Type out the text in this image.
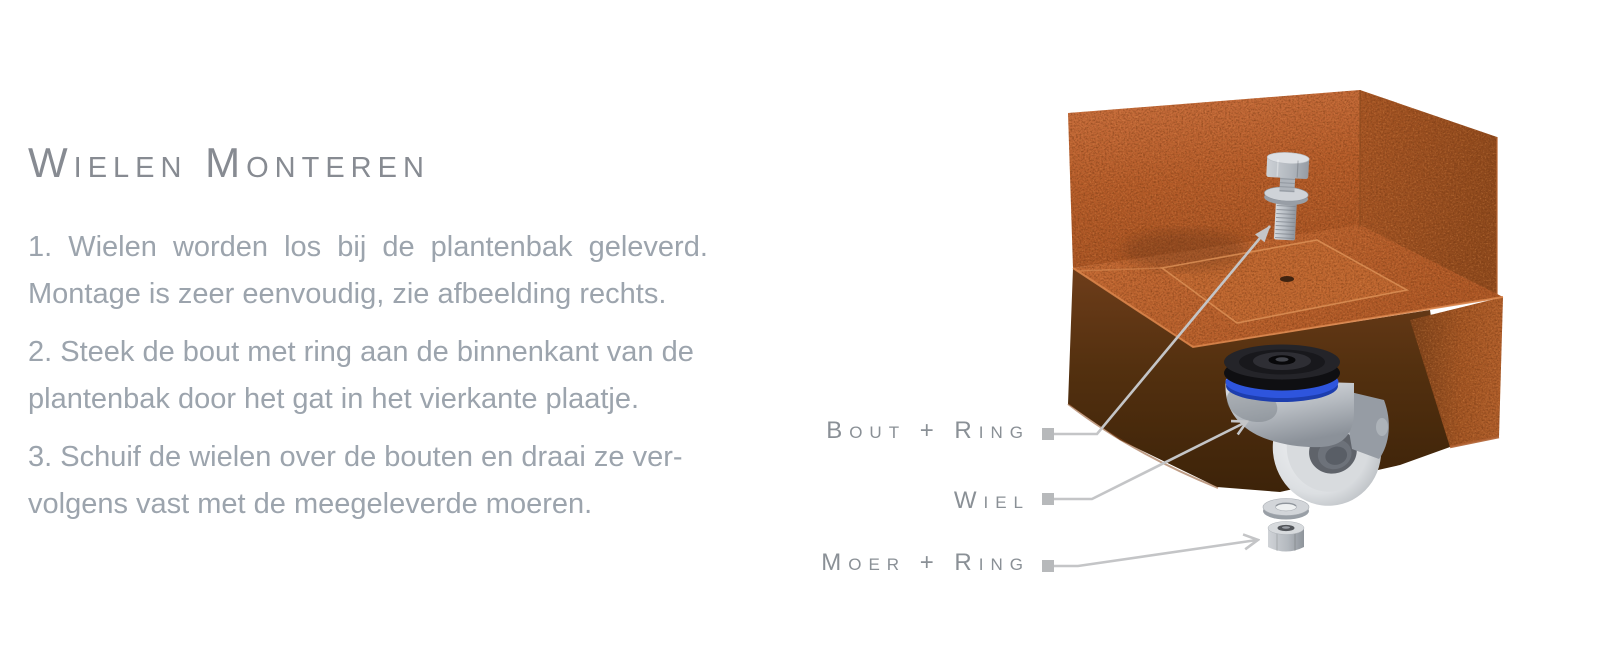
Wielen Monteren

1. Wielen worden los bij de plantenbak geleverd.
Montage is zeer eenvoudig, zie afbeelding rechts.

2. Steek de bout met ring aan de binnenkant van de
plantenbak door het gat in het vierkante plaatje.

3. Schuif de wielen over de bouten en draai ze ver-
volgens vast met de meegeleverde moeren.

Bout + Ring
Wiel
Moer + Ring
